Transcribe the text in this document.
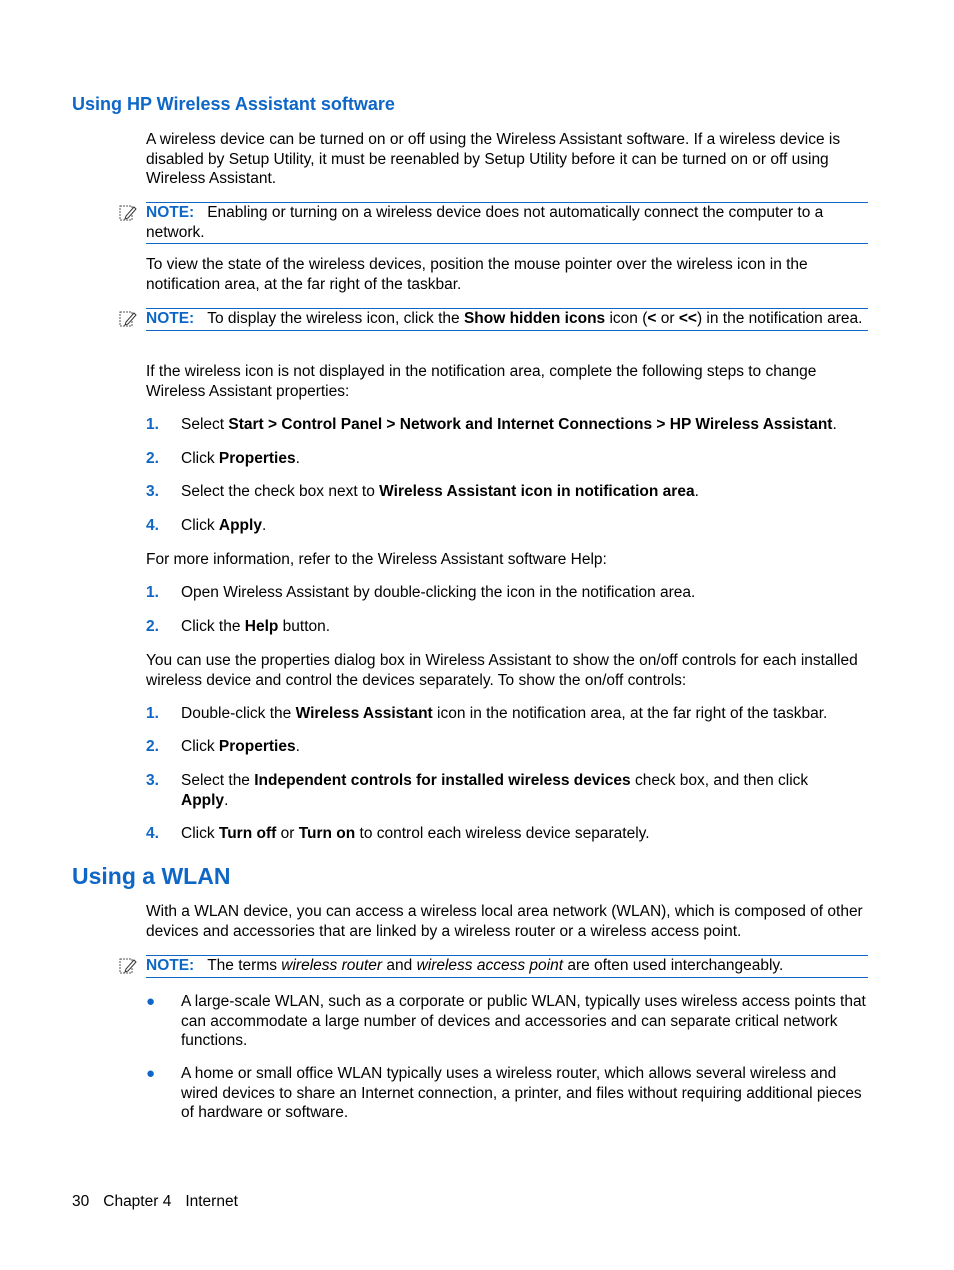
Using HP Wireless Assistant software
A wireless device can be turned on or off using the Wireless Assistant software. If a wireless device is disabled by Setup Utility, it must be reenabled by Setup Utility before it can be turned on or off using Wireless Assistant.
NOTE: Enabling or turning on a wireless device does not automatically connect the computer to a network.
To view the state of the wireless devices, position the mouse pointer over the wireless icon in the notification area, at the far right of the taskbar.
NOTE: To display the wireless icon, click the Show hidden icons icon (< or <<) in the notification area.
If the wireless icon is not displayed in the notification area, complete the following steps to change Wireless Assistant properties:
1. Select Start > Control Panel > Network and Internet Connections > HP Wireless Assistant.
2. Click Properties.
3. Select the check box next to Wireless Assistant icon in notification area.
4. Click Apply.
For more information, refer to the Wireless Assistant software Help:
1. Open Wireless Assistant by double-clicking the icon in the notification area.
2. Click the Help button.
You can use the properties dialog box in Wireless Assistant to show the on/off controls for each installed wireless device and control the devices separately. To show the on/off controls:
1. Double-click the Wireless Assistant icon in the notification area, at the far right of the taskbar.
2. Click Properties.
3. Select the Independent controls for installed wireless devices check box, and then click
Apply.
4. Click Turn off or Turn on to control each wireless device separately.
Using a WLAN
With a WLAN device, you can access a wireless local area network (WLAN), which is composed of other devices and accessories that are linked by a wireless router or a wireless access point.
NOTE: The terms wireless router and wireless access point are often used interchangeably.
● A large-scale WLAN, such as a corporate or public WLAN, typically uses wireless access points that can accommodate a large number of devices and accessories and can separate critical network functions.
● A home or small office WLAN typically uses a wireless router, which allows several wireless and wired devices to share an Internet connection, a printer, and files without requiring additional pieces of hardware or software.
30 Chapter 4 Internet
